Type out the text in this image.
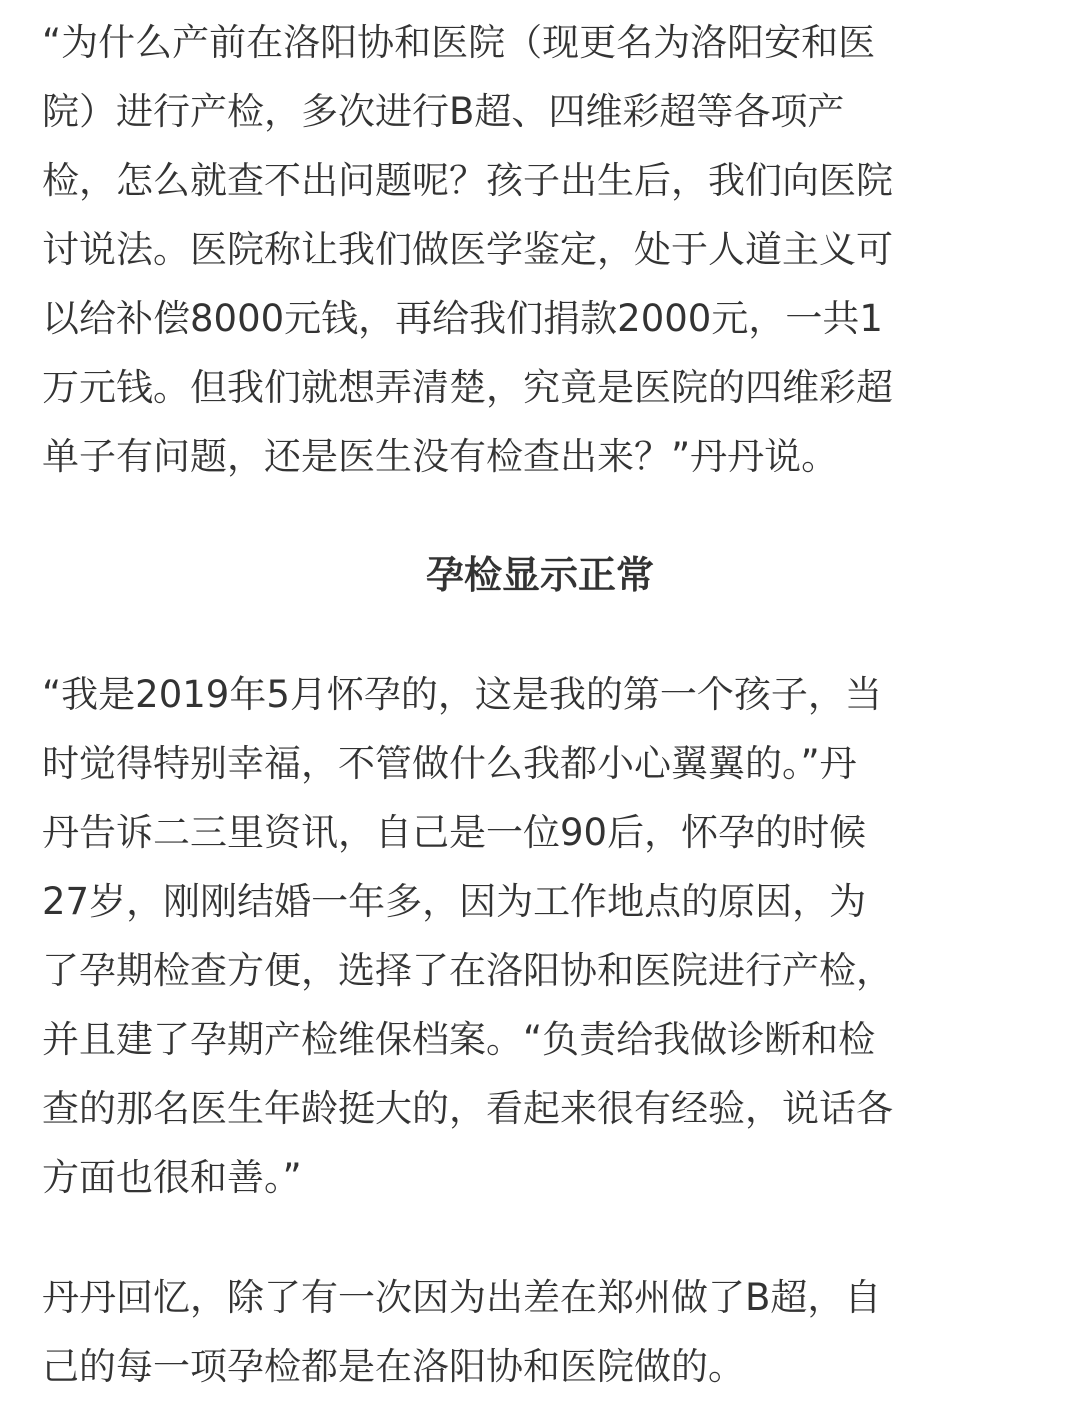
“为什么产前在洛阳协和医院（现更名为洛阳安和医
院）进行产检，多次进行B超、四维彩超等各项产
检，怎么就查不出问题呢？孩子出生后，我们向医院
讨说法。医院称让我们做医学鉴定，处于人道主义可
以给补偿8000元钱，再给我们捐款2000元，一共1
万元钱。但我们就想弄清楚，究竟是医院的四维彩超
单子有问题，还是医生没有检查出来？”丹丹说。
孕检显示正常
“我是2019年5月怀孕的，这是我的第一个孩子，当
时觉得特别幸福，不管做什么我都小心翼翼的。”丹
丹告诉二三里资讯，自己是一位90后，怀孕的时候
27岁，刚刚结婚一年多，因为工作地点的原因，为
了孕期检查方便，选择了在洛阳协和医院进行产检，
并且建了孕期产检维保档案。“负责给我做诊断和检
查的那名医生年龄挺大的，看起来很有经验，说话各
方面也很和善。”
丹丹回忆，除了有一次因为出差在郑州做了B超，自
己的每一项孕检都是在洛阳协和医院做的。
